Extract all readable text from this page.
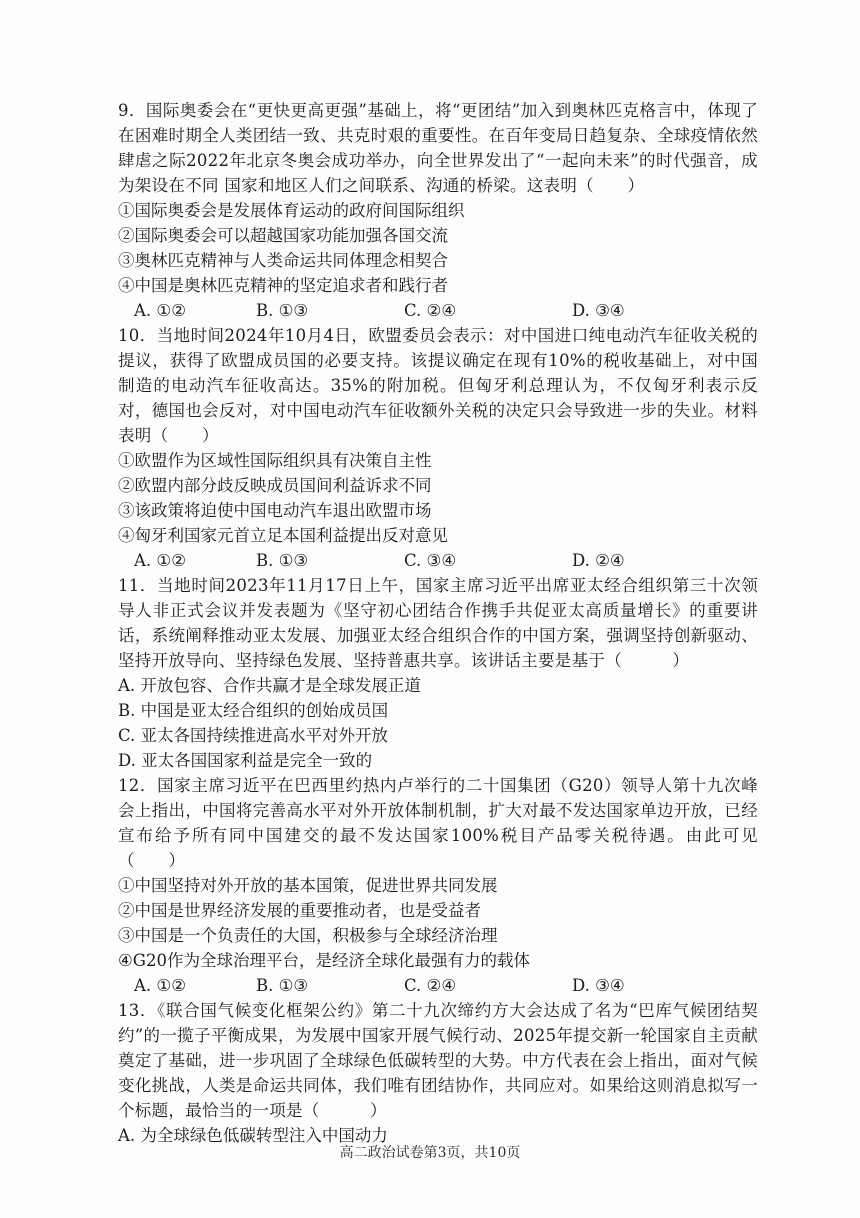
9．国际奥委会在“更快更高更强”基础上，将“更团结”加入到奥林匹克格言中，体现了在困难时期全人类团结一致、共克时艰的重要性。在百年变局日趋复杂、全球疫情依然肆虐之际2022年北京冬奥会成功举办，向全世界发出了“一起向未来”的时代强音，成为架设在不同 国家和地区人们之间联系、沟通的桥梁。这表明（　　）

①国际奥委会是发展体育运动的政府间国际组织

②国际奥委会可以超越国家功能加强各国交流

③奥林匹克精神与人类命运共同体理念相契合

④中国是奥林匹克精神的坚定追求者和践行者

A. ①②	B. ①③	C. ②④	D. ③④

10．当地时间2024年10月4日，欧盟委员会表示：对中国进口纯电动汽车征收关税的提议，获得了欧盟成员国的必要支持。该提议确定在现有10%的税收基础上，对中国制造的电动汽车征收高达。35%的附加税。但匈牙利总理认为，不仅匈牙利表示反对，德国也会反对，对中国电动汽车征收额外关税的决定只会导致进一步的失业。材料表明（　　）

①欧盟作为区域性国际组织具有决策自主性

②欧盟内部分歧反映成员国间利益诉求不同

③该政策将迫使中国电动汽车退出欧盟市场

④匈牙利国家元首立足本国利益提出反对意见

A. ①②	B. ①③	C. ③④	D. ②④

11．当地时间2023年11月17日上午，国家主席习近平出席亚太经合组织第三十次领导人非正式会议并发表题为《坚守初心团结合作携手共促亚太高质量增长》的重要讲话，系统阐释推动亚太发展、加强亚太经合组织合作的中国方案，强调坚持创新驱动、坚持开放导向、坚持绿色发展、坚持普惠共享。该讲话主要是基于（　　　）

A. 开放包容、合作共赢才是全球发展正道

B. 中国是亚太经合组织的创始成员国

C. 亚太各国持续推进高水平对外开放

D. 亚太各国国家利益是完全一致的

12．国家主席习近平在巴西里约热内卢举行的二十国集团（G20）领导人第十九次峰会上指出，中国将完善高水平对外开放体制机制，扩大对最不发达国家单边开放，已经宣布给予所有同中国建交的最不发达国家100%税目产品零关税待遇。由此可见（　　）

①中国坚持对外开放的基本国策，促进世界共同发展

②中国是世界经济发展的重要推动者，也是受益者

③中国是一个负责任的大国，积极参与全球经济治理

④G20作为全球治理平台，是经济全球化最强有力的载体

A. ①②	B. ①③	C. ②④	D. ③④

13．《联合国气候变化框架公约》第二十九次缔约方大会达成了名为“巴库气候团结契约”的一揽子平衡成果，为发展中国家开展气候行动、2025年提交新一轮国家自主贡献奠定了基础，进一步巩固了全球绿色低碳转型的大势。中方代表在会上指出，面对气候变化挑战，人类是命运共同体，我们唯有团结协作，共同应对。如果给这则消息拟写一个标题，最恰当的一项是（　　　）

A. 为全球绿色低碳转型注入中国动力

高二政治试卷第3页，共10页
